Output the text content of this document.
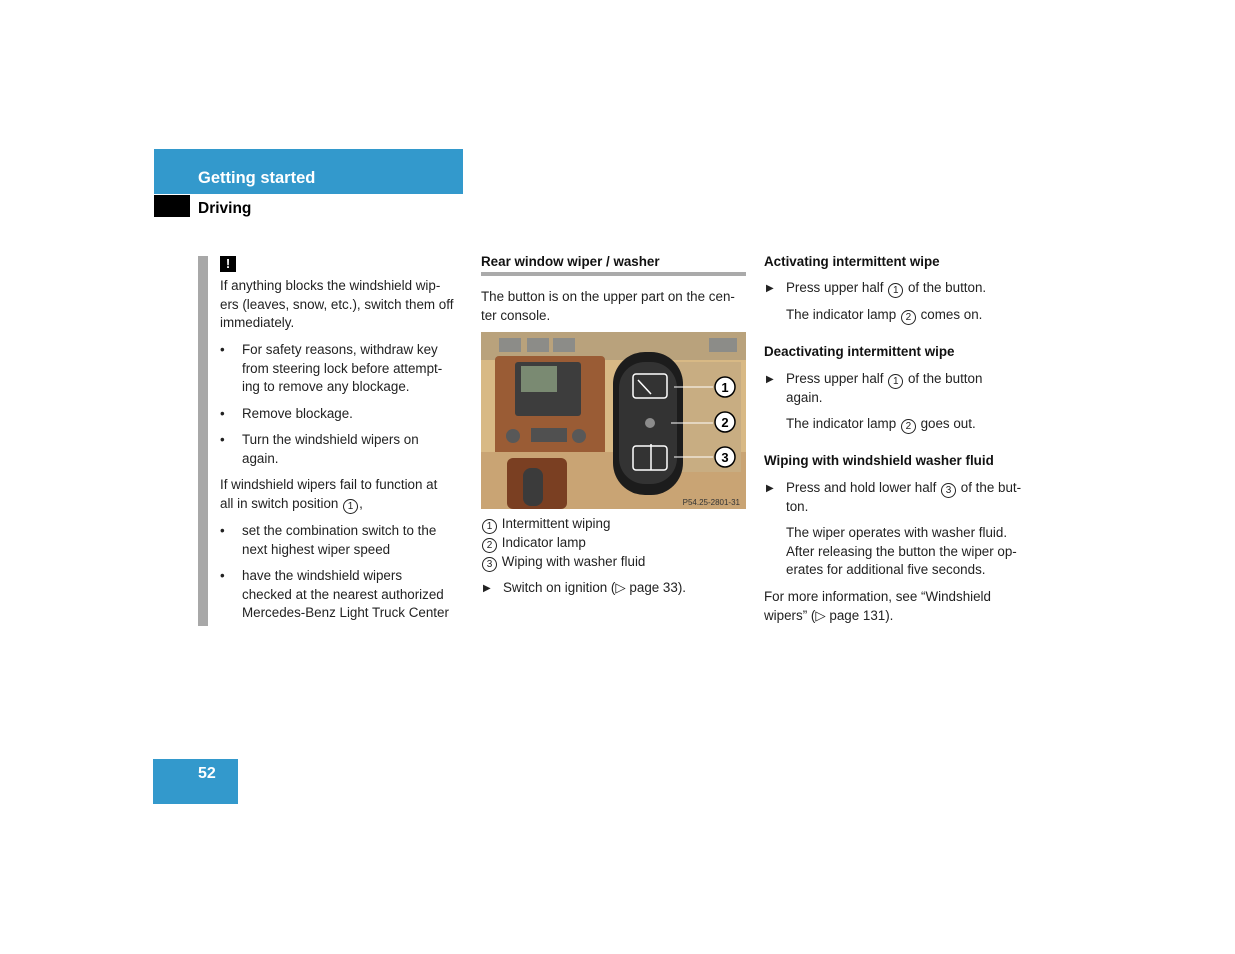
Getting started
Driving
!
If anything blocks the windshield wip-
ers (leaves, snow, etc.), switch them off
immediately.
• For safety reasons, withdraw key
from steering lock before attempt-
ing to remove any blockage.
• Remove blockage.
• Turn the windshield wipers on
again.
If windshield wipers fail to function at
all in switch position 1 ,
• set the combination switch to the
next highest wiper speed
• have the windshield wipers
checked at the nearest authorized
Mercedes-Benz Light Truck Center
Rear window wiper / washer
The button is on the upper part on the cen-
ter console.
1
2
3
P54.25-2801-31
1 Intermittent wiping
2 Indicator lamp
3 Wiping with washer fluid
▶ Switch on ignition (▷ page 33).
Activating intermittent wipe
▶ Press upper half 1 of the button.
The indicator lamp 2 comes on.
Deactivating intermittent wipe
▶ Press upper half 1 of the button
again.
The indicator lamp 2 goes out.
Wiping with windshield washer fluid
▶ Press and hold lower half 3 of the but-
ton.
The wiper operates with washer fluid.
After releasing the button the wiper op-
erates for additional five seconds.
For more information, see “Windshield
wipers” (▷ page 131).
52
